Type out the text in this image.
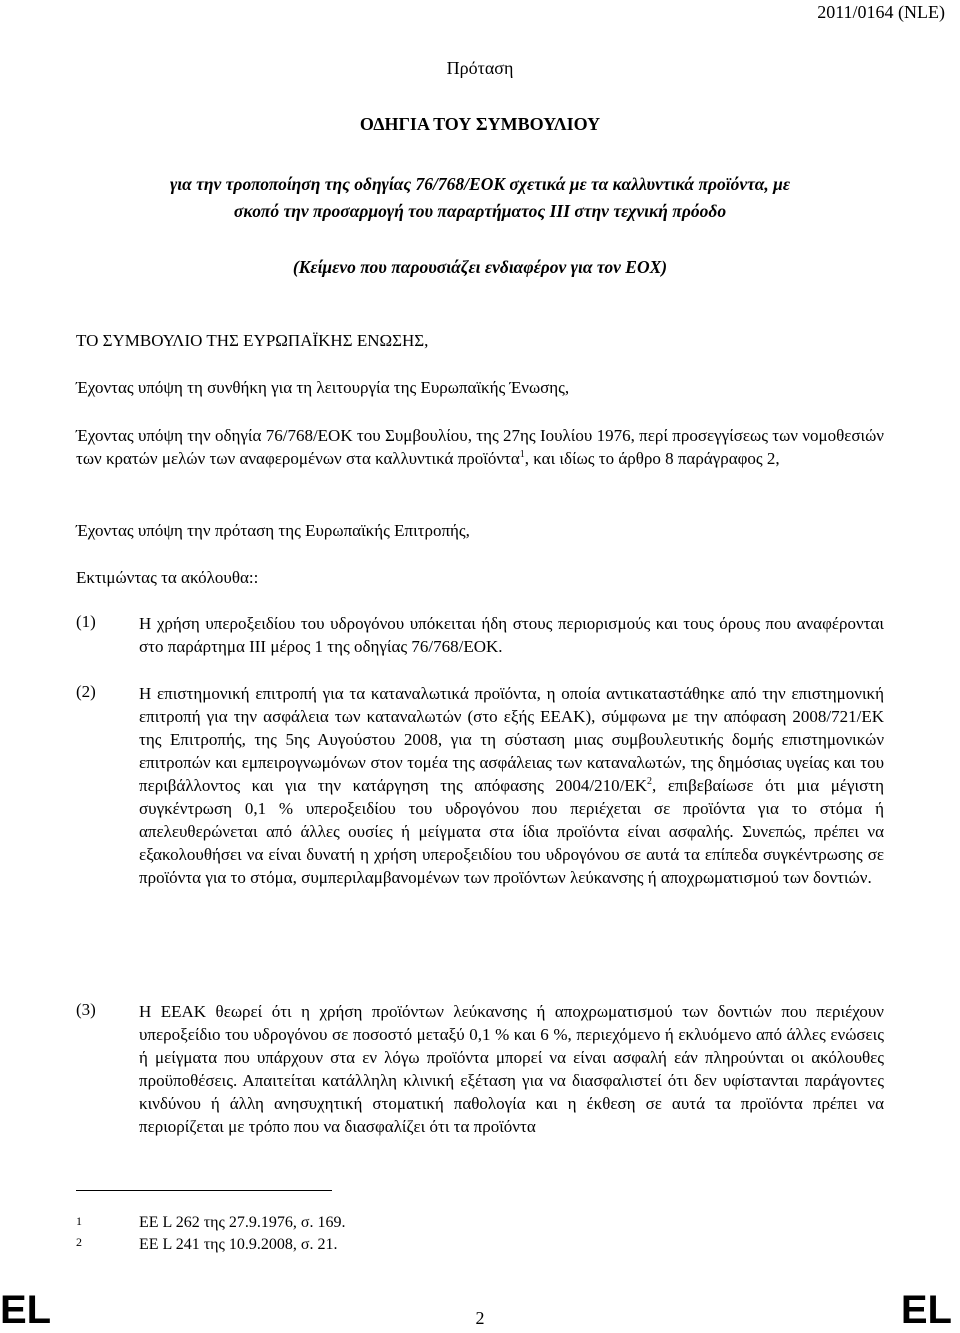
2011/0164 (NLE)
Πρόταση
ΟΔΗΓΙΑ ΤΟΥ ΣΥΜΒΟΥΛΙΟΥ
για την τροποποίηση της οδηγίας 76/768/ΕΟΚ σχετικά με τα καλλυντικά προϊόντα, με
σκοπό την προσαρμογή του παραρτήματος ΙΙΙ στην τεχνική πρόοδο
(Κείμενο που παρουσιάζει ενδιαφέρον για τον ΕΟΧ)
ΤΟ ΣΥΜΒΟΥΛΙΟ ΤΗΣ ΕΥΡΩΠΑΪΚΗΣ ΕΝΩΣΗΣ,
Έχοντας υπόψη τη συνθήκη για τη λειτουργία της Ευρωπαϊκής Ένωσης,
Έχοντας υπόψη την οδηγία 76/768/ΕΟΚ του Συμβουλίου, της 27ης Ιουλίου 1976, περί προσεγγίσεως των νομοθεσιών των κρατών μελών των αναφερομένων στα καλλυντικά προϊόντα$^1$, και ιδίως το άρθρο 8 παράγραφος 2,
Έχοντας υπόψη την πρόταση της Ευρωπαϊκής Επιτροπής,
Εκτιμώντας τα ακόλουθα::
(1)	Η χρήση υπεροξειδίου του υδρογόνου υπόκειται ήδη στους περιορισμούς και τους όρους που αναφέρονται στο παράρτημα ΙΙΙ μέρος 1 της οδηγίας 76/768/ΕΟΚ.
(2)	Η επιστημονική επιτροπή για τα καταναλωτικά προϊόντα, η οποία αντικαταστάθηκε από την επιστημονική επιτροπή για την ασφάλεια των καταναλωτών (στο εξής ΕΕΑΚ), σύμφωνα με την απόφαση 2008/721/ΕΚ της Επιτροπής, της 5ης Αυγούστου 2008, για τη σύσταση μιας συμβουλευτικής δομής επιστημονικών επιτροπών και εμπειρογνωμόνων στον τομέα της ασφάλειας των καταναλωτών, της δημόσιας υγείας και του περιβάλλοντος και για την κατάργηση της απόφασης $2004/210/EK^2$, επιβεβαίωσε ότι μια μέγιστη συγκέντρωση 0,1 % υπεροξειδίου του υδρογόνου που περιέχεται σε προϊόντα για το στόμα ή απελευθερώνεται από άλλες ουσίες ή μείγματα στα ίδια προϊόντα είναι ασφαλής. Συνεπώς, πρέπει να εξακολουθήσει να είναι δυνατή η χρήση υπεροξειδίου του υδρογόνου σε αυτά τα επίπεδα συγκέντρωσης σε προϊόντα για το στόμα, συμπεριλαμβανομένων των προϊόντων λεύκανσης ή αποχρωματισμού των δοντιών.
(3)	Η ΕΕΑΚ θεωρεί ότι η χρήση προϊόντων λεύκανσης ή αποχρωματισμού των δοντιών που περιέχουν υπεροξείδιο του υδρογόνου σε ποσοστό μεταξύ 0,1 % και 6 %, περιεχόμενο ή εκλυόμενο από άλλες ενώσεις ή μείγματα που υπάρχουν στα εν λόγω προϊόντα μπορεί να είναι ασφαλή εάν πληρούνται οι ακόλουθες προϋποθέσεις. Απαιτείται κατάλληλη κλινική εξέταση για να διασφαλιστεί ότι δεν υφίστανται παράγοντες κινδύνου ή άλλη ανησυχητική στοματική παθολογία και η έκθεση σε αυτά τα προϊόντα πρέπει να περιορίζεται με τρόπο που να διασφαλίζει ότι τα προϊόντα
1	ΕΕ L 262 της 27.9.1976, σ. 169.
2	ΕΕ L 241 της 10.9.2008, σ. 21.
EL	2	EL
